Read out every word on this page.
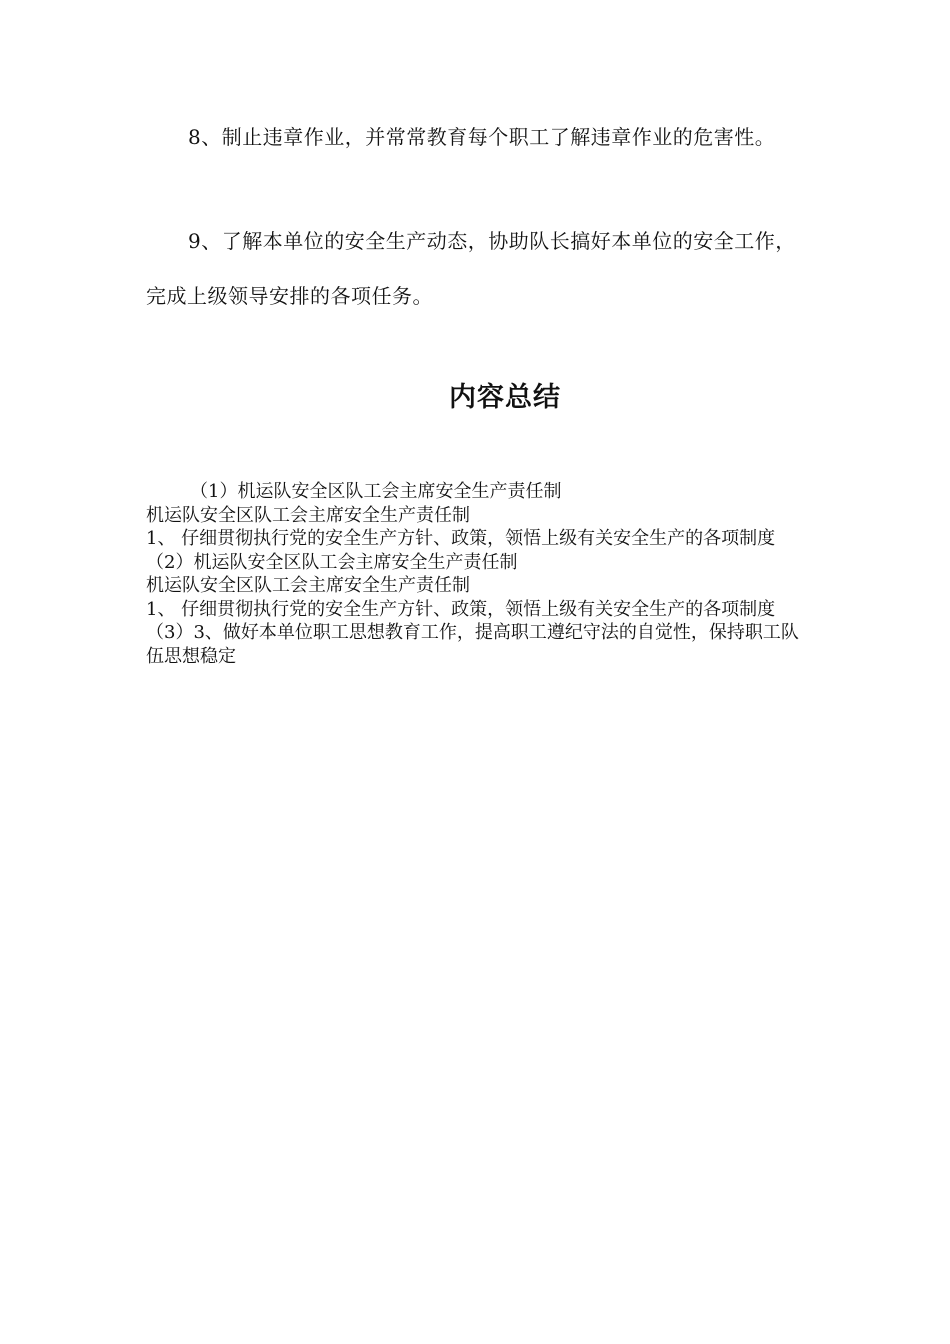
8、制止违章作业，并常常教育每个职工了解违章作业的危害性。

9、了解本单位的安全生产动态，协助队长搞好本单位的安全工作，完成上级领导安排的各项任务。

内容总结

（1）机运队安全区队工会主席安全生产责任制

机运队安全区队工会主席安全生产责任制

1、 仔细贯彻执行党的安全生产方针、政策，领悟上级有关安全生产的各项制度

（2）机运队安全区队工会主席安全生产责任制

机运队安全区队工会主席安全生产责任制

1、 仔细贯彻执行党的安全生产方针、政策，领悟上级有关安全生产的各项制度

（3）3、做好本单位职工思想教育工作，提高职工遵纪守法的自觉性，保持职工队伍思想稳定
